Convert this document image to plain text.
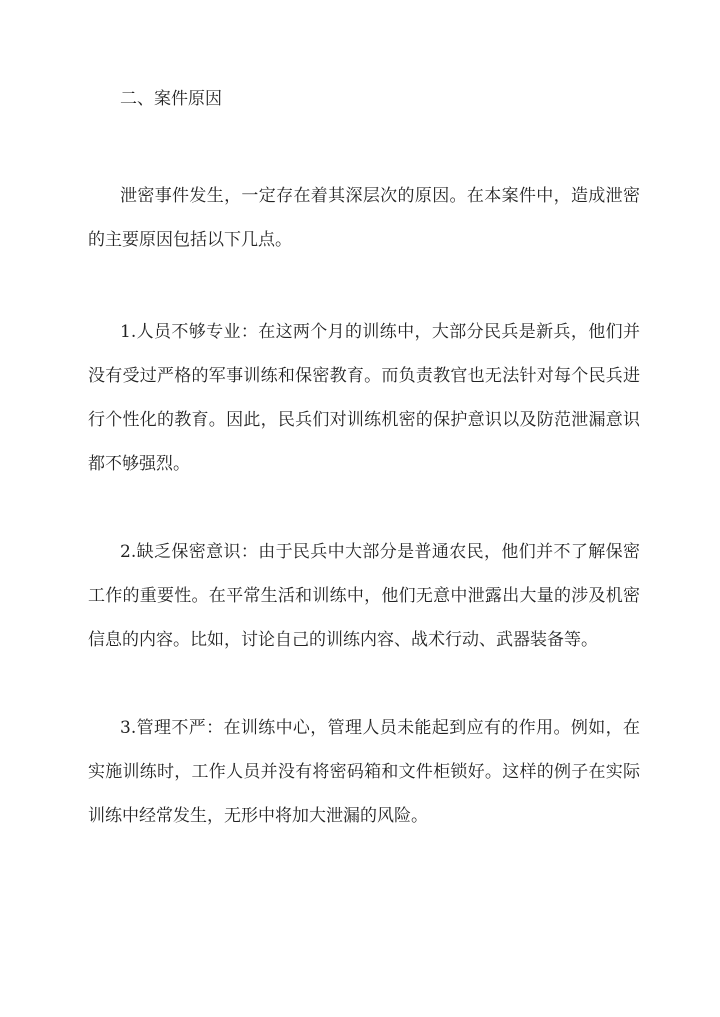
二、案件原因

泄密事件发生，一定存在着其深层次的原因。在本案件中，造成泄密的主要原因包括以下几点。

1.人员不够专业：在这两个月的训练中，大部分民兵是新兵，他们并没有受过严格的军事训练和保密教育。而负责教官也无法针对每个民兵进行个性化的教育。因此，民兵们对训练机密的保护意识以及防范泄漏意识都不够强烈。

2.缺乏保密意识：由于民兵中大部分是普通农民，他们并不了解保密工作的重要性。在平常生活和训练中，他们无意中泄露出大量的涉及机密信息的内容。比如，讨论自己的训练内容、战术行动、武器装备等。

3.管理不严：在训练中心，管理人员未能起到应有的作用。例如，在实施训练时，工作人员并没有将密码箱和文件柜锁好。这样的例子在实际训练中经常发生，无形中将加大泄漏的风险。
